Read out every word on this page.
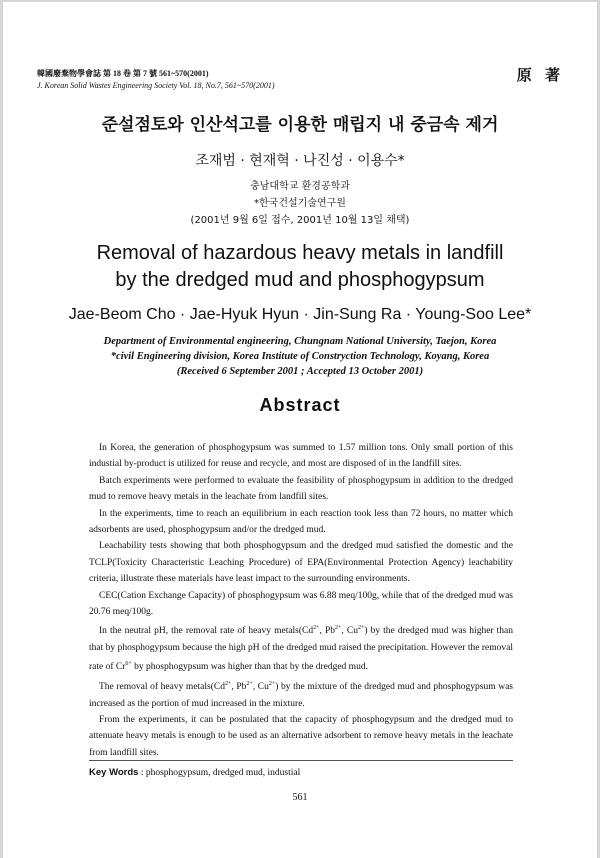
韓國廢棄物學會誌 第 18 卷 第 7 號 561~570(2001)
J. Korean Solid Wastes Engineering Society Vol. 18, No.7, 561~570(2001)
原 著
준설점토와 인산석고를 이용한 매립지 내 중금속 제거
조재범 · 현재혁 · 나진성 · 이용수*
충남대학교 환경공학과
*한국건설기술연구원
(2001년 9월 6일 접수, 2001년 10월 13일 채택)
Removal of hazardous heavy metals in landfill
by the dredged mud and phosphogypsum
Jae-Beom Cho · Jae-Hyuk Hyun · Jin-Sung Ra · Young-Soo Lee*
Department of Environmental engineering, Chungnam National University, Taejon, Korea
*civil Engineering division, Korea Institute of Constryction Technology, Koyang, Korea
(Received 6 September 2001 ; Accepted 13 October 2001)
Abstract

In Korea, the generation of phosphogypsum was summed to 1.57 million tons. Only small portion of this industial by-product is utilized for reuse and recycle, and most are disposed of in the landfill sites.

Batch experiments were performed to evaluate the feasibility of phosphogypsum in addition to the dredged mud to remove heavy metals in the leachate from landfill sites.

In the experiments, time to reach an equilibrium in each reaction took less than 72 hours, no matter which adsorbents are used, phosphogypsum and/or the dredged mud.

Leachability tests showing that both phosphogypsum and the dredged mud satisfied the domestic and the TCLP(Toxicity Characteristic Leaching Procedure) of EPA(Environmental Protection Agency) leachability criteria, illustrate these materials have least impact to the surrounding environments.

CEC(Cation Exchange Capacity) of phosphogypsum was 6.88 meq/100g, while that of the dredged mud was 20.76 meq/100g.

In the neutral pH, the removal rate of heavy $metals(Cd^{2+}$, $Pb^{2+}$, $Cu^{2+}$) by the dredged mud was higher than that by phosphogypsum because the high pH of the dredged mud raised the precipitation. However the removal rate of $Cr^{6+}$ by phosphogypsum was higher than that by the dredged mud.

The removal of heavy $metals(Cd^{2+}$, $Pb^{2+}$, $Cu^{2+}$) by the mixture of the dredged mud and phosphogypsum was increased as the portion of mud increased in the mixture.

From the experiments, it can be postulated that the capacity of phosphogypsum and the dredged mud to attenuate heavy metals is enough to be used as an alternative adsorbent to remove heavy metals in the leachate from landfill sites.

Key Words : phosphogypsum, dredged mud, industial
561
